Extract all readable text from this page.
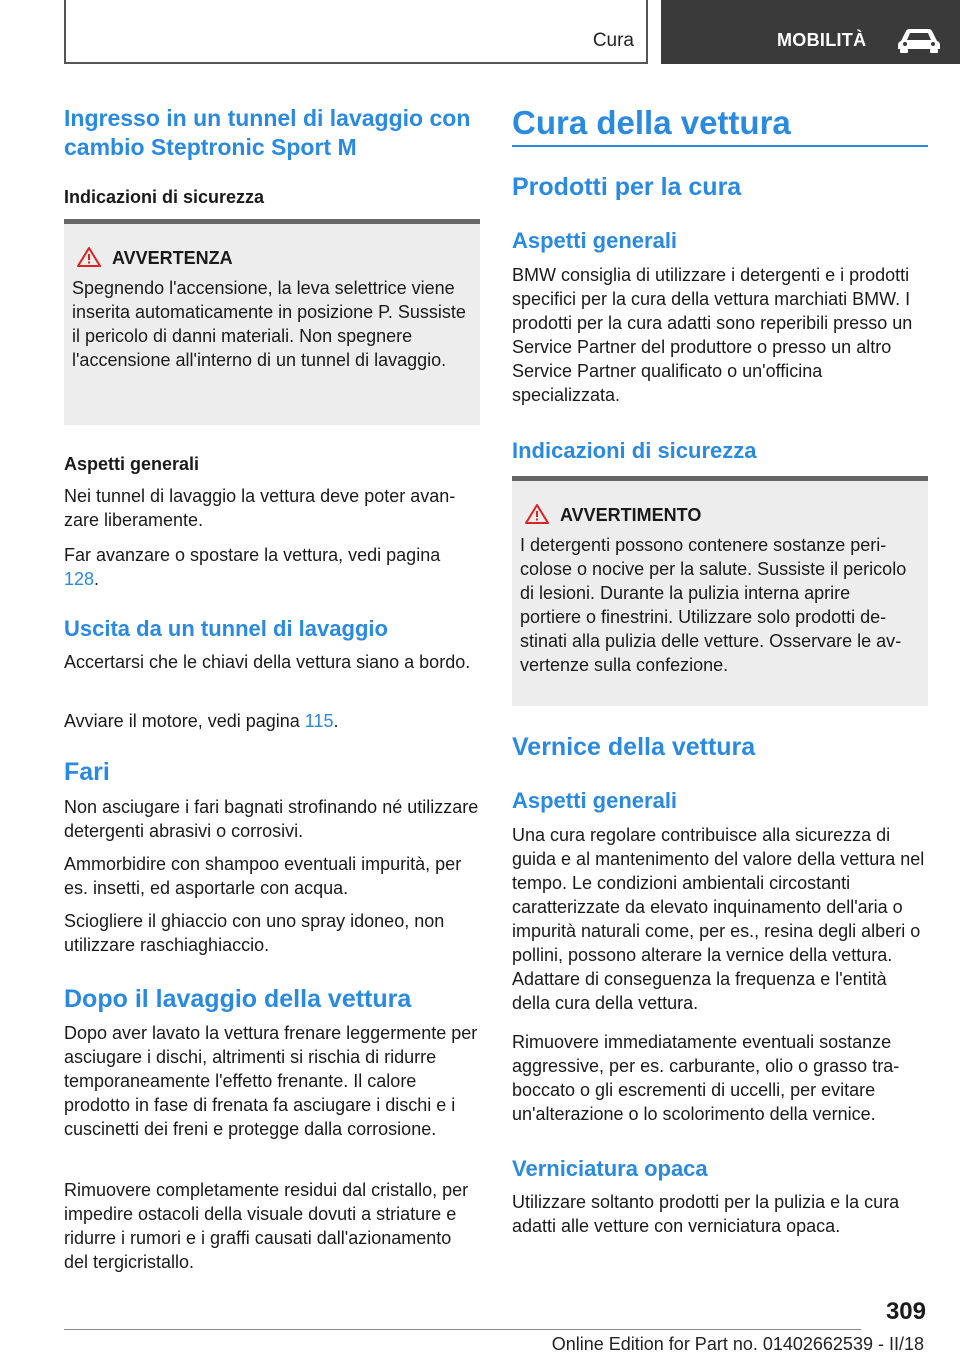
Cura	MOBILITÀ
Ingresso in un tunnel di lavaggio con cambio Steptronic Sport M
Indicazioni di sicurezza
AVVERTENZA
Spegnendo l'accensione, la leva selettrice viene inserita automaticamente in posizione P. Sussiste il pericolo di danni materiali. Non spegnere l'accensione all'interno di un tunnel di lavaggio.
Aspetti generali
Nei tunnel di lavaggio la vettura deve poter avanzare liberamente.
Far avanzare o spostare la vettura, vedi pagina 128.
Uscita da un tunnel di lavaggio
Accertarsi che le chiavi della vettura siano a bordo.
Avviare il motore, vedi pagina 115.
Fari
Non asciugare i fari bagnati strofinando né utilizzare detergenti abrasivi o corrosivi.
Ammorbidire con shampoo eventuali impurità, per es. insetti, ed asportarle con acqua.
Sciogliere il ghiaccio con uno spray idoneo, non utilizzare raschiaghiaccio.
Dopo il lavaggio della vettura
Dopo aver lavato la vettura frenare leggermente per asciugare i dischi, altrimenti si rischia di ridurre temporaneamente l'effetto frenante. Il calore prodotto in fase di frenata fa asciugare i dischi e i cuscinetti dei freni e protegge dalla corrosione.
Rimuovere completamente residui dal cristallo, per impedire ostacoli della visuale dovuti a striature e ridurre i rumori e i graffi causati dall'azionamento del tergicristallo.
Cura della vettura
Prodotti per la cura
Aspetti generali
BMW consiglia di utilizzare i detergenti e i prodotti specifici per la cura della vettura marchiati BMW. I prodotti per la cura adatti sono reperibili presso un Service Partner del produttore o presso un altro Service Partner qualificato o un'officina specializzata.
Indicazioni di sicurezza
AVVERTIMENTO
I detergenti possono contenere sostanze pericolose o nocive per la salute. Sussiste il pericolo di lesioni. Durante la pulizia interna aprire portiere o finestrini. Utilizzare solo prodotti destinati alla pulizia delle vetture. Osservare le avvertenze sulla confezione.
Vernice della vettura
Aspetti generali
Una cura regolare contribuisce alla sicurezza di guida e al mantenimento del valore della vettura nel tempo. Le condizioni ambientali circostanti caratterizzate da elevato inquinamento dell'aria o impurità naturali come, per es., resina degli alberi o pollini, possono alterare la vernice della vettura. Adattare di conseguenza la frequenza e l'entità della cura della vettura.
Rimuovere immediatamente eventuali sostanze aggressive, per es. carburante, olio o grasso traboccato o gli escrementi di uccelli, per evitare un'alterazione o lo scolorimento della vernice.
Verniciatura opaca
Utilizzare soltanto prodotti per la pulizia e la cura adatti alle vetture con verniciatura opaca.
309
Online Edition for Part no. 01402662539 - II/18
